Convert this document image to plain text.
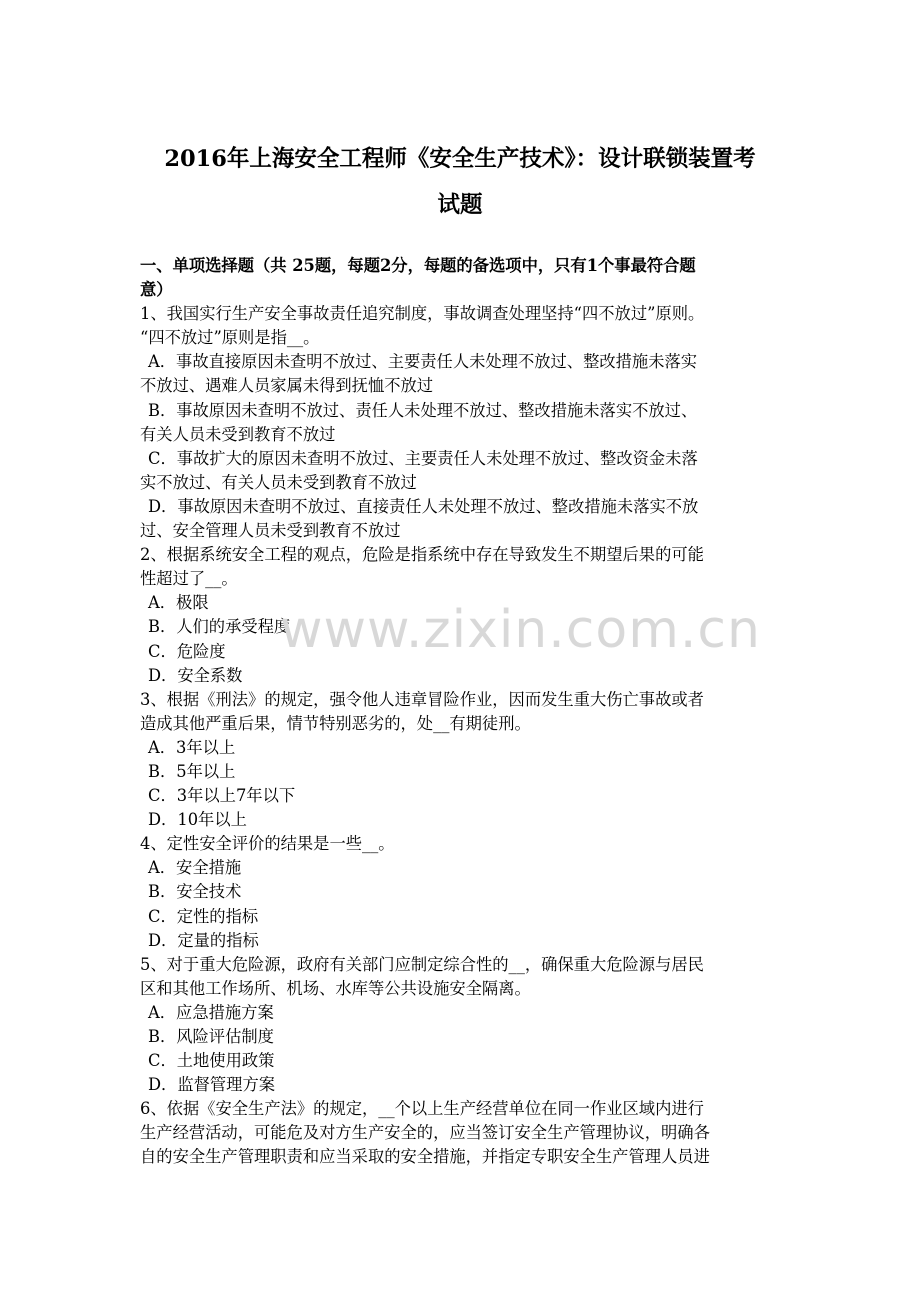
2016年上海安全工程师《安全生产技术》：设计联锁装置考
试题

一、单项选择题（共 25题，每题2分，每题的备选项中，只有1个事最符合题
意）

1、我国实行生产安全事故责任追究制度，事故调查处理坚持“四不放过”原则。

“四不放过”原则是指__。

A．事故直接原因未查明不放过、主要责任人未处理不放过、整改措施未落实

不放过、遇难人员家属未得到抚恤不放过

B．事故原因未查明不放过、责任人未处理不放过、整改措施未落实不放过、

有关人员未受到教育不放过

C．事故扩大的原因未查明不放过、主要责任人未处理不放过、整改资金未落

实不放过、有关人员未受到教育不放过

D．事故原因未查明不放过、直接责任人未处理不放过、整改措施未落实不放

过、安全管理人员未受到教育不放过

2、根据系统安全工程的观点，危险是指系统中存在导致发生不期望后果的可能

性超过了__。

A．极限

B．人们的承受程度

C．危险度

D．安全系数

3、根据《刑法》的规定，强令他人违章冒险作业，因而发生重大伤亡事故或者

造成其他严重后果，情节特别恶劣的，处__有期徒刑。

A．3年以上

B．5年以上

C．3年以上7年以下

D．10年以上

4、定性安全评价的结果是一些__。

A．安全措施

B．安全技术

C．定性的指标

D．定量的指标

5、对于重大危险源，政府有关部门应制定综合性的__，确保重大危险源与居民

区和其他工作场所、机场、水库等公共设施安全隔离。

A．应急措施方案

B．风险评估制度

C．土地使用政策

D．监督管理方案

6、依据《安全生产法》的规定，__个以上生产经营单位在同一作业区域内进行

生产经营活动，可能危及对方生产安全的，应当签订安全生产管理协议，明确各

自的安全生产管理职责和应当采取的安全措施，并指定专职安全生产管理人员进

www.zixin.com.cn
